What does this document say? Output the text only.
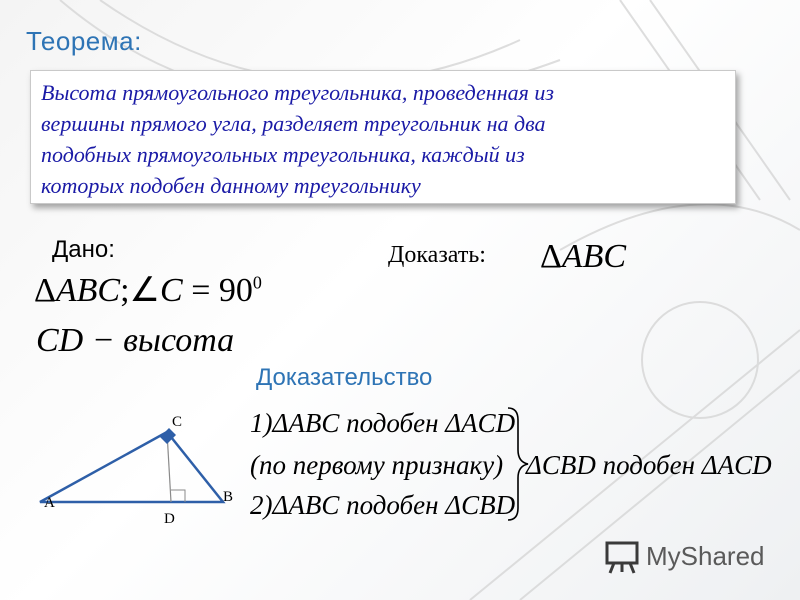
Теорема:
Высота прямоугольного треугольника, проведенная из
вершины прямого угла, разделяет треугольник на два
подобных прямоугольных треугольника, каждый из
которых подобен данному треугольнику
Дано:
ΔABC;∠C = $90^0$
CD − высота
Доказать: ΔABC
Доказательство
C
A	B
D
1)ΔABC подобен ΔACD
(по первому признаку)
2)ΔABC подобен ΔCBD
ΔCBD подобен ΔACD
MyShared
